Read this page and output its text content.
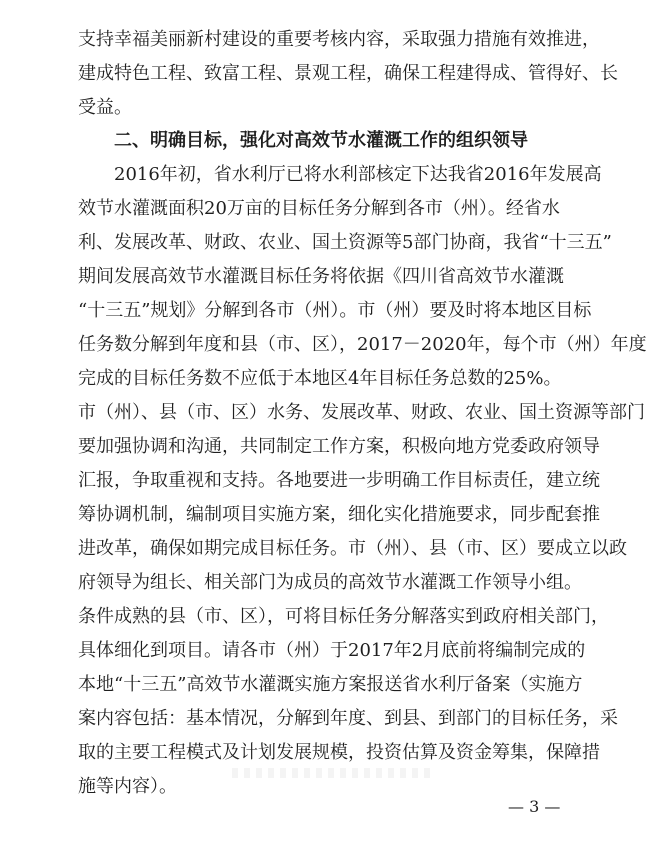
支持幸福美丽新村建设的重要考核内容，采取强力措施有效推进，
建成特色工程、致富工程、景观工程，确保工程建得成、管得好、长
受益。
二、明确目标，强化对高效节水灌溉工作的组织领导
2016年初，省水利厅已将水利部核定下达我省2016年发展高
效节水灌溉面积20万亩的目标任务分解到各市（州）。经省水
利、发展改革、财政、农业、国土资源等5部门协商，我省“十三五”
期间发展高效节水灌溉目标任务将依据《四川省高效节水灌溉
“十三五”规划》分解到各市（州）。市（州）要及时将本地区目标
任务数分解到年度和县（市、区），2017－2020年，每个市（州）年度
完成的目标任务数不应低于本地区4年目标任务总数的25%。
市（州）、县（市、区）水务、发展改革、财政、农业、国土资源等部门
要加强协调和沟通，共同制定工作方案，积极向地方党委政府领导
汇报，争取重视和支持。各地要进一步明确工作目标责任，建立统
筹协调机制，编制项目实施方案，细化实化措施要求，同步配套推
进改革，确保如期完成目标任务。市（州）、县（市、区）要成立以政
府领导为组长、相关部门为成员的高效节水灌溉工作领导小组。
条件成熟的县（市、区），可将目标任务分解落实到政府相关部门，
具体细化到项目。请各市（州）于2017年2月底前将编制完成的
本地“十三五”高效节水灌溉实施方案报送省水利厅备案（实施方
案内容包括：基本情况，分解到年度、到县、到部门的目标任务，采
取的主要工程模式及计划发展规模，投资估算及资金筹集，保障措
施等内容）。
— 3 —
